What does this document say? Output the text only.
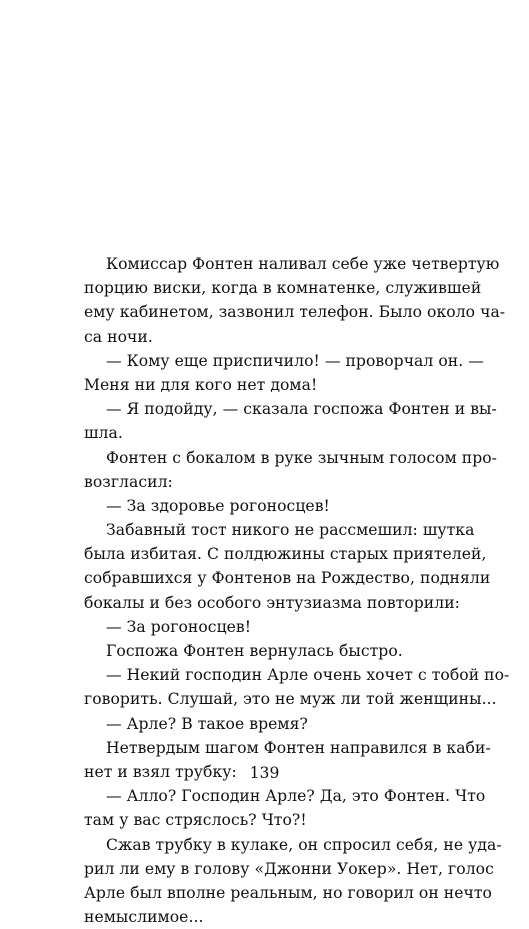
Комиссар Фонтен наливал себе уже четвертую
порцию виски, когда в комнатенке, служившей
ему кабинетом, зазвонил телефон. Было около ча-
са ночи.
— Кому еще приспичило! — проворчал он. —
Меня ни для кого нет дома!
— Я подойду, — сказала госпожа Фонтен и вы-
шла.
Фонтен с бокалом в руке зычным голосом про-
возгласил:
— За здоровье рогоносцев!
Забавный тост никого не рассмешил: шутка
была избитая. С полдюжины старых приятелей,
собравшихся у Фонтенов на Рождество, подняли
бокалы и без особого энтузиазма повторили:
— За рогоносцев!
Госпожа Фонтен вернулась быстро.
— Некий господин Арле очень хочет с тобой по-
говорить. Слушай, это не муж ли той женщины...
— Арле? В такое время?
Нетвердым шагом Фонтен направился в каби-
нет и взял трубку:
— Алло? Господин Арле? Да, это Фонтен. Что
там у вас стряслось? Что?!
Сжав трубку в кулаке, он спросил себя, не уда-
рил ли ему в голову «Джонни Уокер». Нет, голос
Арле был вполне реальным, но говорил он нечто
немыслимое...
139
